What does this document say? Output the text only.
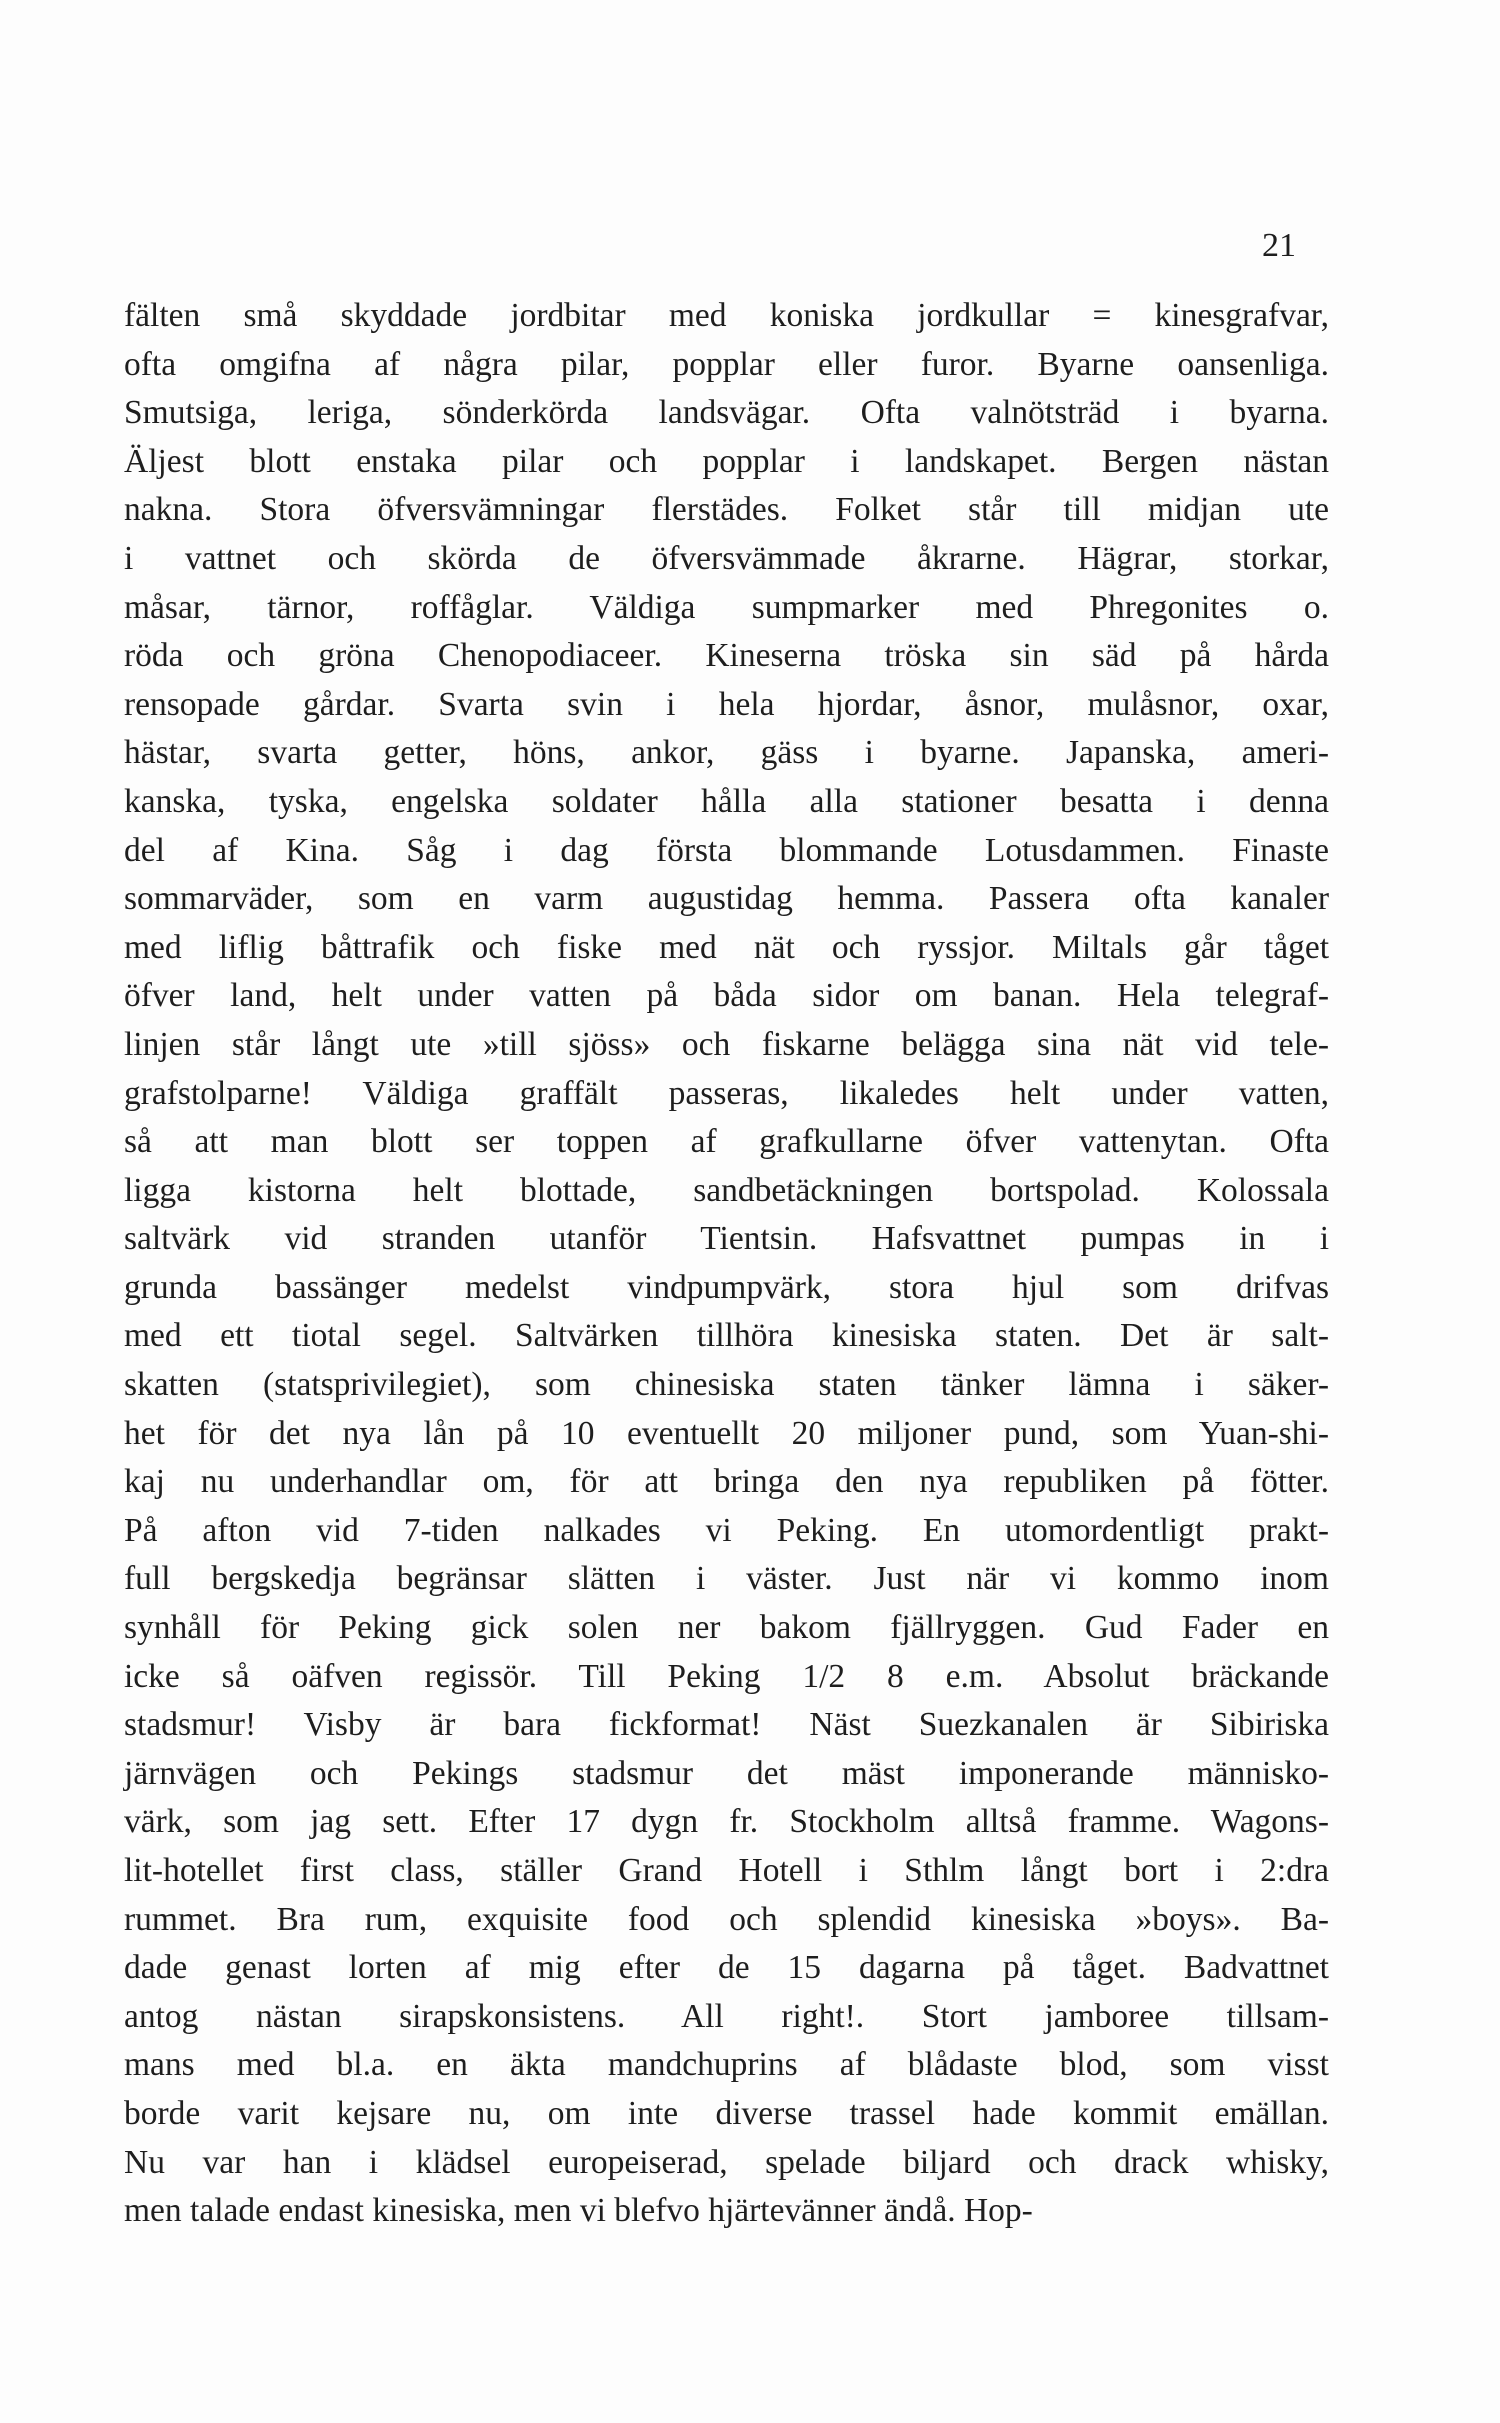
21
fälten små skyddade jordbitar med koniska jordkullar = kinesgrafvar,
ofta omgifna af några pilar, popplar eller furor. Byarne oansenliga.
Smutsiga, leriga, sönderkörda landsvägar. Ofta valnötsträd i byarna.
Äljest blott enstaka pilar och popplar i landskapet. Bergen nästan
nakna. Stora öfversvämningar flerstädes. Folket står till midjan ute
i vattnet och skörda de öfversvämmade åkrarne. Hägrar, storkar,
måsar, tärnor, roffåglar. Väldiga sumpmarker med Phregonites o.
röda och gröna Chenopodiaceer. Kineserna tröska sin säd på hårda
rensopade gårdar. Svarta svin i hela hjordar, åsnor, mulåsnor, oxar,
hästar, svarta getter, höns, ankor, gäss i byarne. Japanska, ameri-
kanska, tyska, engelska soldater hålla alla stationer besatta i denna
del af Kina. Såg i dag första blommande Lotusdammen. Finaste
sommarväder, som en varm augustidag hemma. Passera ofta kanaler
med liflig båttrafik och fiske med nät och ryssjor. Miltals går tåget
öfver land, helt under vatten på båda sidor om banan. Hela telegraf-
linjen står långt ute »till sjöss» och fiskarne belägga sina nät vid tele-
grafstolparne! Väldiga graffält passeras, likaledes helt under vatten,
så att man blott ser toppen af grafkullarne öfver vattenytan. Ofta
ligga kistorna helt blottade, sandbetäckningen bortspolad. Kolossala
saltvärk vid stranden utanför Tientsin. Hafsvattnet pumpas in i
grunda bassänger medelst vindpumpvärk, stora hjul som drifvas
med ett tiotal segel. Saltvärken tillhöra kinesiska staten. Det är salt-
skatten (statsprivilegiet), som chinesiska staten tänker lämna i säker-
het för det nya lån på 10 eventuellt 20 miljoner pund, som Yuan-shi-
kaj nu underhandlar om, för att bringa den nya republiken på fötter.
På afton vid 7-tiden nalkades vi Peking. En utomordentligt prakt-
full bergskedja begränsar slätten i väster. Just när vi kommo inom
synhåll för Peking gick solen ner bakom fjällryggen. Gud Fader en
icke så oäfven regissör. Till Peking 1/2 8 e.m. Absolut bräckande
stadsmur! Visby är bara fickformat! Näst Suezkanalen är Sibiriska
järnvägen och Pekings stadsmur det mäst imponerande människo-
värk, som jag sett. Efter 17 dygn fr. Stockholm alltså framme. Wagons-
lit-hotellet first class, ställer Grand Hotell i Sthlm långt bort i 2:dra
rummet. Bra rum, exquisite food och splendid kinesiska »boys». Ba-
dade genast lorten af mig efter de 15 dagarna på tåget. Badvattnet
antog nästan sirapskonsistens. All right!. Stort jamboree tillsam-
mans med bl.a. en äkta mandchuprins af blådaste blod, som visst
borde varit kejsare nu, om inte diverse trassel hade kommit emällan.
Nu var han i klädsel europeiserad, spelade biljard och drack whisky,
men talade endast kinesiska, men vi blefvo hjärtevänner ändå. Hop-
